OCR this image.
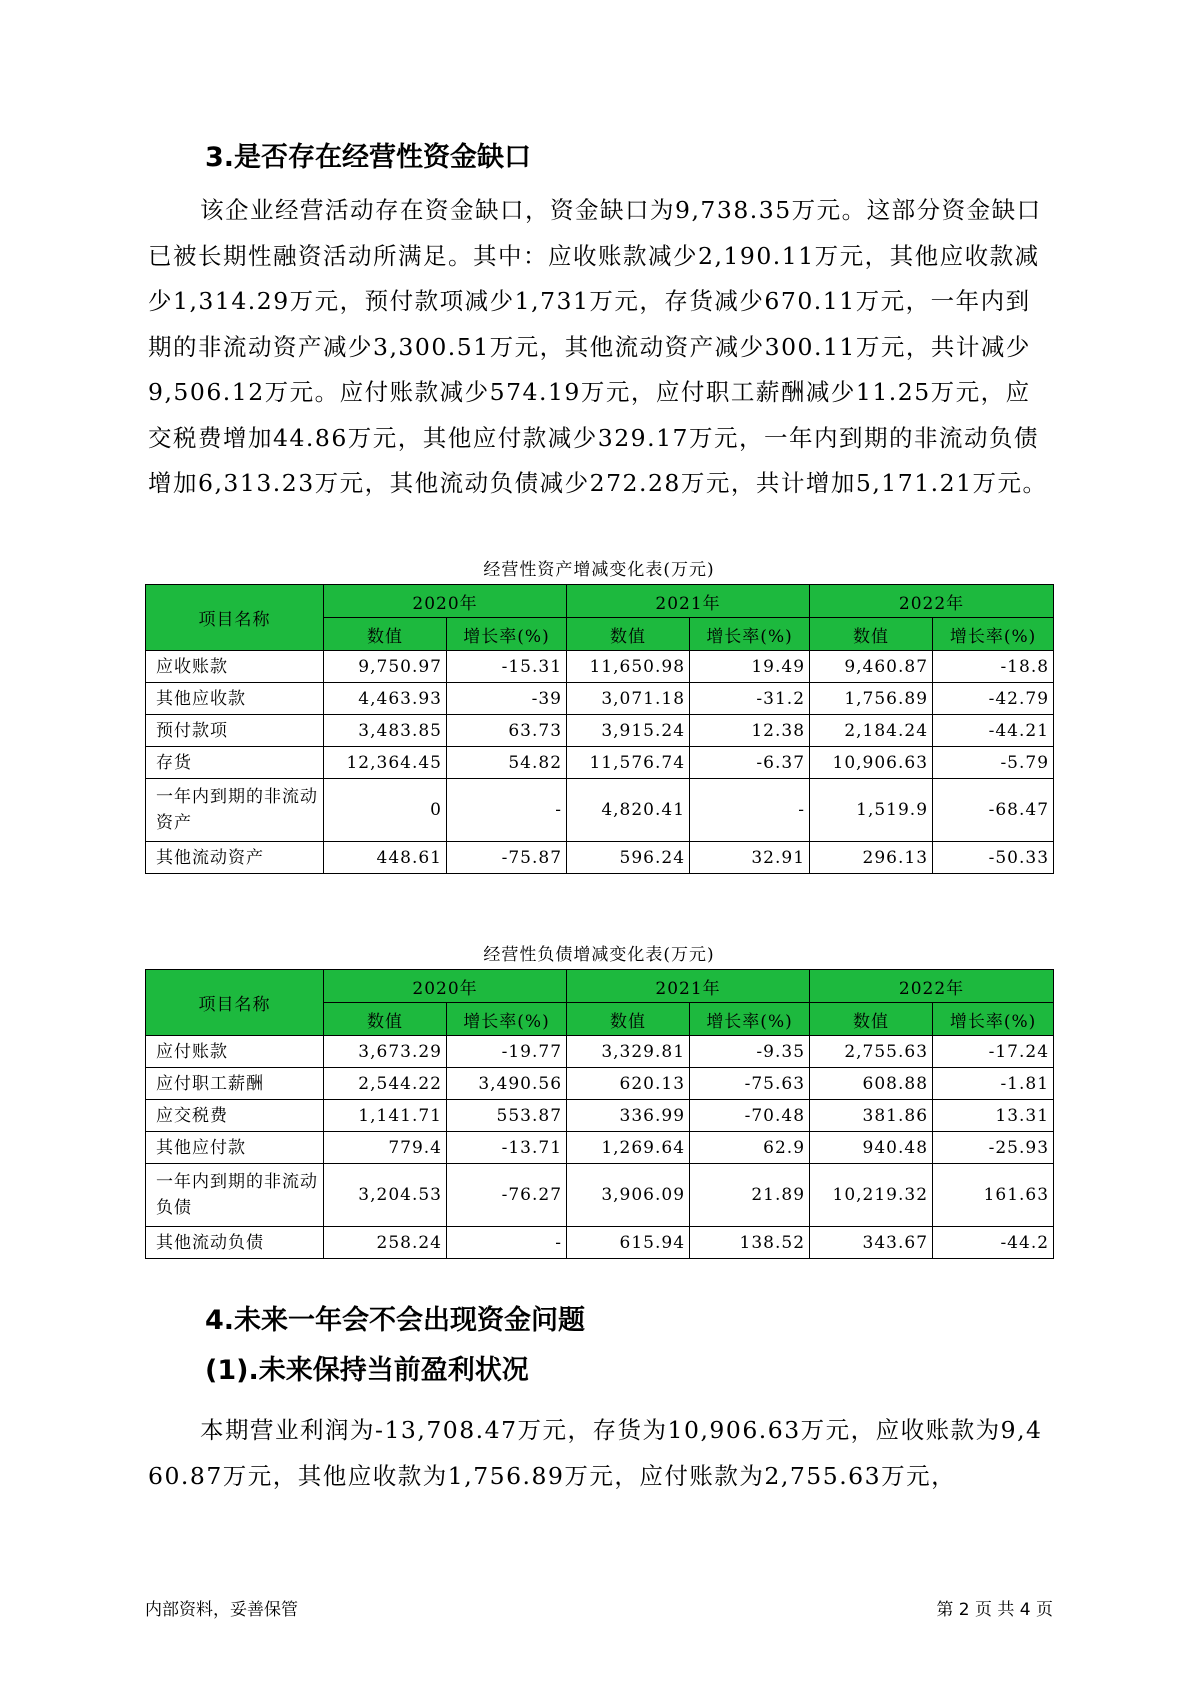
3.是否存在经营性资金缺口

该企业经营活动存在资金缺口，资金缺口为9,738.35万元。这部分资金缺口已被长期性融资活动所满足。其中：应收账款减少2,190.11万元，其他应收款减少1,314.29万元，预付款项减少1,731万元，存货减少670.11万元，一年内到期的非流动资产减少3,300.51万元，其他流动资产减少300.11万元，共计减少9,506.12万元。应付账款减少574.19万元，应付职工薪酬减少11.25万元，应交税费增加44.86万元，其他应付款减少329.17万元，一年内到期的非流动负债增加6,313.23万元，其他流动负债减少272.28万元，共计增加5,171.21万元。

经营性资产增减变化表(万元)

项目名称	2020年		2021年		2022年	
	数值	增长率(%)	数值	增长率(%)	数值	增长率(%)
应收账款	9,750.97	-15.31	11,650.98	19.49	9,460.87	-18.8
其他应收款	4,463.93	-39	3,071.18	-31.2	1,756.89	-42.79
预付款项	3,483.85	63.73	3,915.24	12.38	2,184.24	-44.21
存货	12,364.45	54.82	11,576.74	-6.37	10,906.63	-5.79
一年内到期的非流动资产	0	-	4,820.41	-	1,519.9	-68.47
其他流动资产	448.61	-75.87	596.24	32.91	296.13	-50.33

经营性负债增减变化表(万元)

项目名称	2020年		2021年		2022年	
	数值	增长率(%)	数值	增长率(%)	数值	增长率(%)
应付账款	3,673.29	-19.77	3,329.81	-9.35	2,755.63	-17.24
应付职工薪酬	2,544.22	3,490.56	620.13	-75.63	608.88	-1.81
应交税费	1,141.71	553.87	336.99	-70.48	381.86	13.31
其他应付款	779.4	-13.71	1,269.64	62.9	940.48	-25.93
一年内到期的非流动负债	3,204.53	-76.27	3,906.09	21.89	10,219.32	161.63
其他流动负债	258.24	-	615.94	138.52	343.67	-44.2
4.未来一年会不会出现资金问题
(1).未来保持当前盈利状况

本期营业利润为-13,708.47万元，存货为10,906.63万元，应收账款为9,460.87万元，其他应收款为1,756.89万元，应付账款为2,755.63万元，

内部资料，妥善保管	第 2 页 共 4 页
